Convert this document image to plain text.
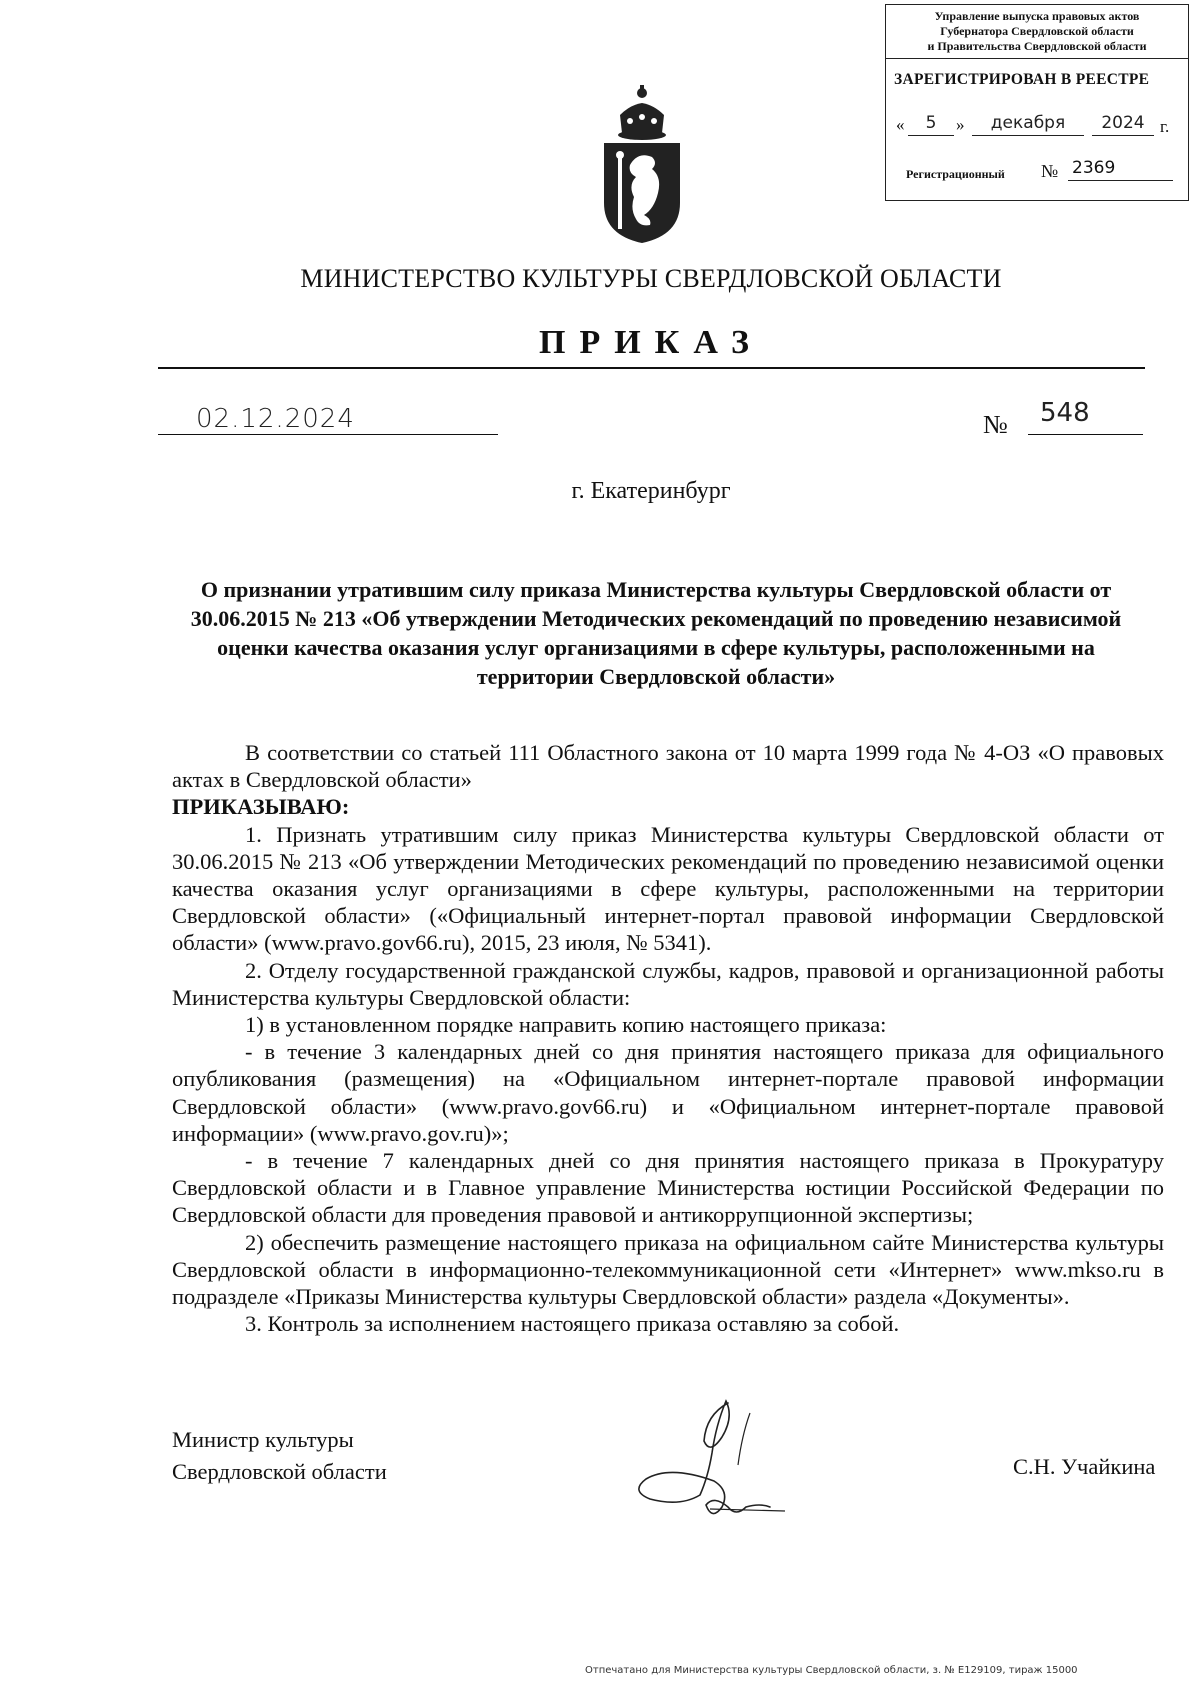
Управление выпуска правовых актов
Губернатора Свердловской области
и Правительства Свердловской области
ЗАРЕГИСТРИРОВАН В РЕЕСТРЕ
«	5	»	декабря	2024 г.
Регистрационный № 2369
МИНИСТЕРСТВО КУЛЬТУРЫ СВЕРДЛОВСКОЙ ОБЛАСТИ
ПРИКАЗ
02.12.2024	№ 548
г. Екатеринбург
О признании утратившим силу приказа Министерства культуры Свердловской области от 30.06.2015 № 213 «Об утверждении Методических рекомендаций по проведению независимой оценки качества оказания услуг организациями в сфере культуры, расположенными на территории Свердловской области»

В соответствии со статьей 111 Областного закона от 10 марта 1999 года № 4-ОЗ «О правовых актах в Свердловской области»

ПРИКАЗЫВАЮ:

1. Признать утратившим силу приказ Министерства культуры Свердловской области от 30.06.2015 № 213 «Об утверждении Методических рекомендаций по проведению независимой оценки качества оказания услуг организациями в сфере культуры, расположенными на территории Свердловской области» («Официальный интернет-портал правовой информации Свердловской области» (www.pravo.gov66.ru), 2015, 23 июля, № 5341).

2. Отделу государственной гражданской службы, кадров, правовой и организационной работы Министерства культуры Свердловской области:

1) в установленном порядке направить копию настоящего приказа:

- в течение 3 календарных дней со дня принятия настоящего приказа для официального опубликования (размещения) на «Официальном интернет-портале правовой информации Свердловской области» (www.pravo.gov66.ru) и «Официальном интернет-портале правовой информации» (www.pravo.gov.ru)»;

- в течение 7 календарных дней со дня принятия настоящего приказа в Прокуратуру Свердловской области и в Главное управление Министерства юстиции Российской Федерации по Свердловской области для проведения правовой и антикоррупционной экспертизы;

2) обеспечить размещение настоящего приказа на официальном сайте Министерства культуры Свердловской области в информационно-телекоммуникационной сети «Интернет» www.mkso.ru в подразделе «Приказы Министерства культуры Свердловской области» раздела «Документы».

3. Контроль за исполнением настоящего приказа оставляю за собой.

Министр культуры
Свердловской области	С.Н. Учайкина
Отпечатано для Министерства культуры Свердловской области, з. № Е129109, тираж 15000
